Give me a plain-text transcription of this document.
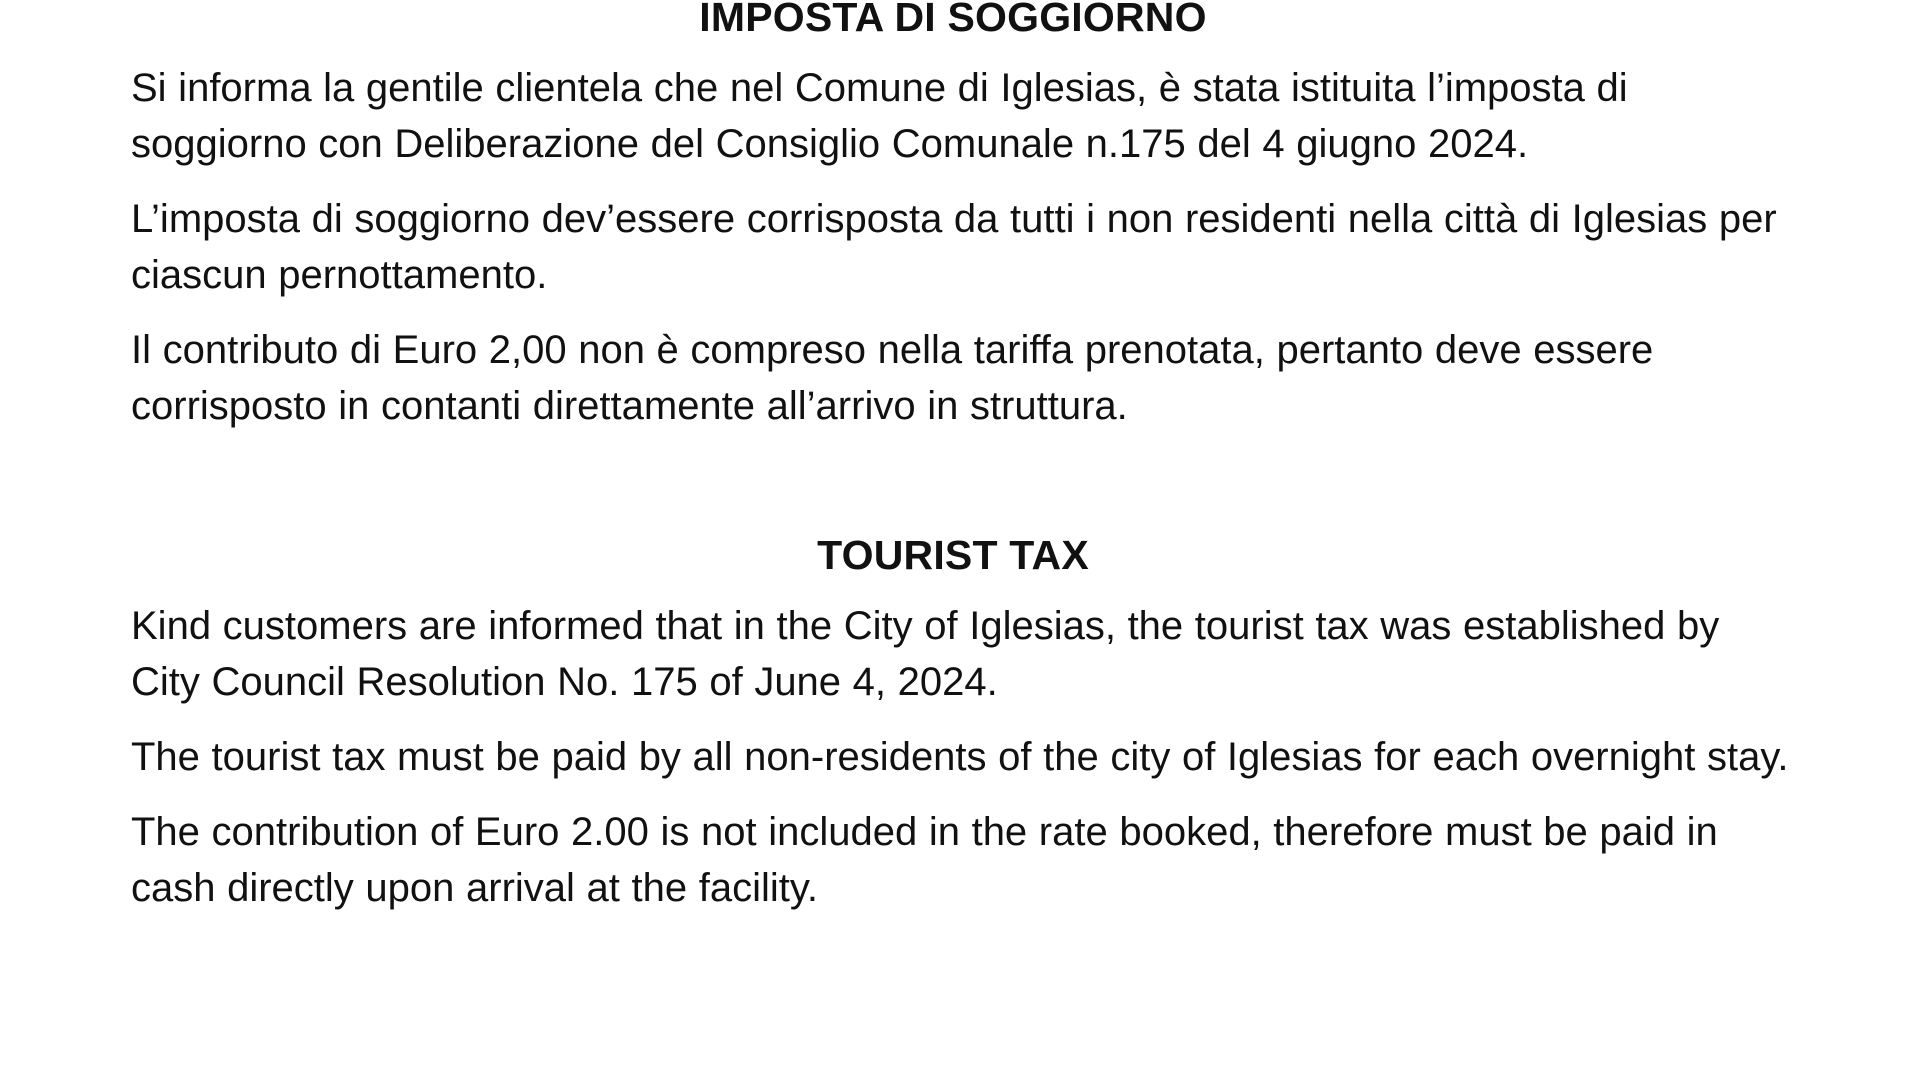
IMPOSTA DI SOGGIORNO

Si informa la gentile clientela che nel Comune di Iglesias, è stata istituita l’imposta di soggiorno con Deliberazione del Consiglio Comunale n.175 del 4 giugno 2024.

L’imposta di soggiorno dev’essere corrisposta da tutti i non residenti nella città di Iglesias per ciascun pernottamento.

Il contributo di Euro 2,00 non è compreso nella tariffa prenotata, pertanto deve essere corrisposto in contanti direttamente all’arrivo in struttura.

TOURIST TAX

Kind customers are informed that in the City of Iglesias, the tourist tax was established by City Council Resolution No. 175 of June 4, 2024.

The tourist tax must be paid by all non-residents of the city of Iglesias for each overnight stay.

The contribution of Euro 2.00 is not included in the rate booked, therefore must be paid in cash directly upon arrival at the facility.
